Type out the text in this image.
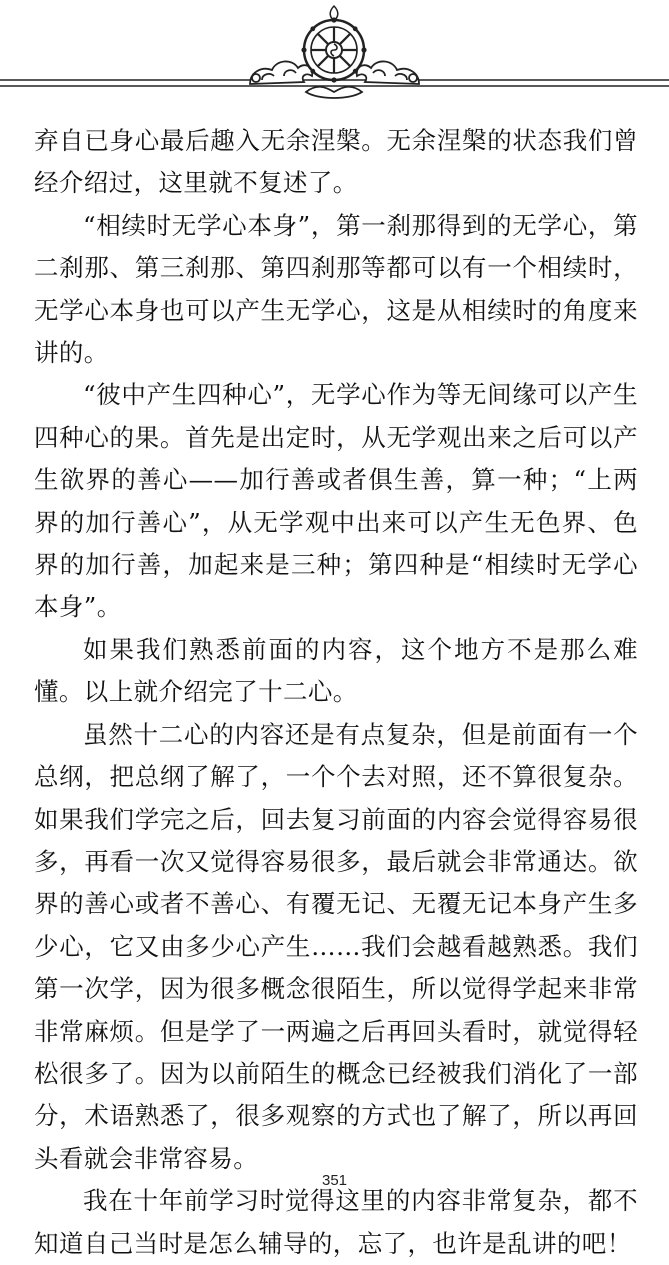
弃自已身心最后趣入无余涅槃。无余涅槃的状态我们曾经介绍过，这里就不复述了。

“相续时无学心本身”，第一刹那得到的无学心，第二刹那、第三刹那、第四刹那等都可以有一个相续时，无学心本身也可以产生无学心，这是从相续时的角度来讲的。

“彼中产生四种心”，无学心作为等无间缘可以产生四种心的果。首先是出定时，从无学观出来之后可以产生欲界的善心——加行善或者俱生善，算一种；“上两界的加行善心”，从无学观中出来可以产生无色界、色界的加行善，加起来是三种；第四种是“相续时无学心本身”。

如果我们熟悉前面的内容，这个地方不是那么难懂。以上就介绍完了十二心。

虽然十二心的内容还是有点复杂，但是前面有一个总纲，把总纲了解了，一个个去对照，还不算很复杂。如果我们学完之后，回去复习前面的内容会觉得容易很多，再看一次又觉得容易很多，最后就会非常通达。欲界的善心或者不善心、有覆无记、无覆无记本身产生多少心，它又由多少心产生……我们会越看越熟悉。我们第一次学，因为很多概念很陌生，所以觉得学起来非常非常麻烦。但是学了一两遍之后再回头看时，就觉得轻松很多了。因为以前陌生的概念已经被我们消化了一部分，术语熟悉了，很多观察的方式也了解了，所以再回头看就会非常容易。

我在十年前学习时觉得这里的内容非常复杂，都不知道自己当时是怎么辅导的，忘了，也许是乱讲的吧！

351
